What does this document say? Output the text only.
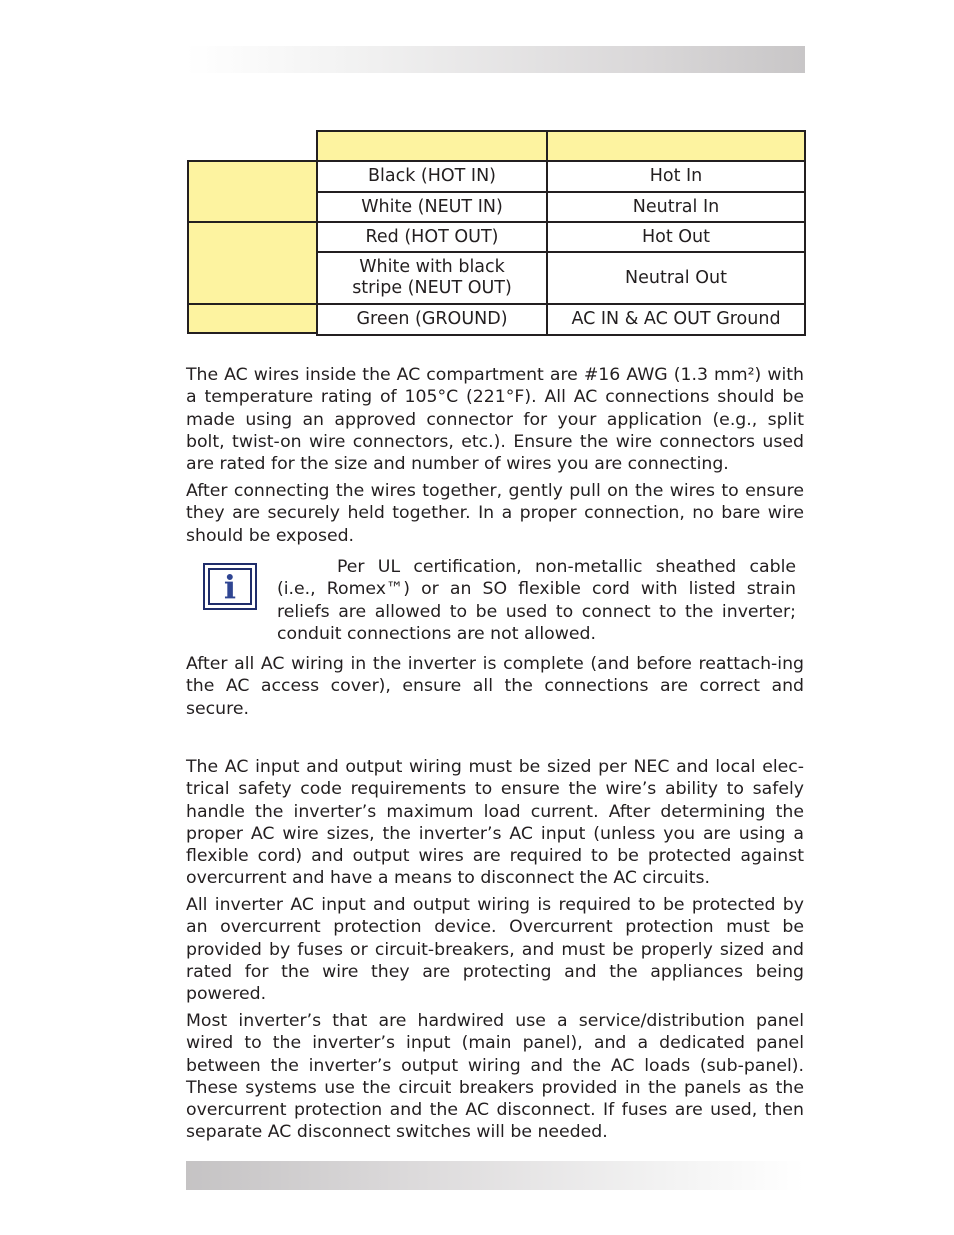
Black (HOT IN)	Hot In
White (NEUT IN)	Neutral In
Red (HOT OUT)	Hot Out

White with black
stripe (NEUT OUT)	Neutral Out
Green (GROUND)	AC IN & AC OUT Ground

The AC wires inside the AC compartment are #16 AWG (1.3 mm²) with a temperature rating of 105°C (221°F). All AC connections should be made using an approved connector for your application (e.g., split bolt, twist-on wire connectors, etc.). Ensure the wire connectors used are rated for the size and number of wires you are connecting.

After connecting the wires together, gently pull on the wires to ensure they are securely held together. In a proper connection, no bare wire should be exposed.

i

Per UL certification, non-metallic sheathed cable (i.e., Romex™) or an SO flexible cord with listed strain reliefs are allowed to be used to connect to the inverter; conduit connections are not allowed.

After all AC wiring in the inverter is complete (and before reattach-ing the AC access cover), ensure all the connections are correct and secure.

The AC input and output wiring must be sized per NEC and local elec-trical safety code requirements to ensure the wire’s ability to safely handle the inverter’s maximum load current. After determining the proper AC wire sizes, the inverter’s AC input (unless you are using a flexible cord) and output wires are required to be protected against overcurrent and have a means to disconnect the AC circuits.

All inverter AC input and output wiring is required to be protected by an overcurrent protection device. Overcurrent protection must be provided by fuses or circuit-breakers, and must be properly sized and rated for the wire they are protecting and the appliances being powered.

Most inverter’s that are hardwired use a service/distribution panel wired to the inverter’s input (main panel), and a dedicated panel between the inverter’s output wiring and the AC loads (sub-panel). These systems use the circuit breakers provided in the panels as the overcurrent protection and the AC disconnect. If fuses are used, then separate AC disconnect switches will be needed.
